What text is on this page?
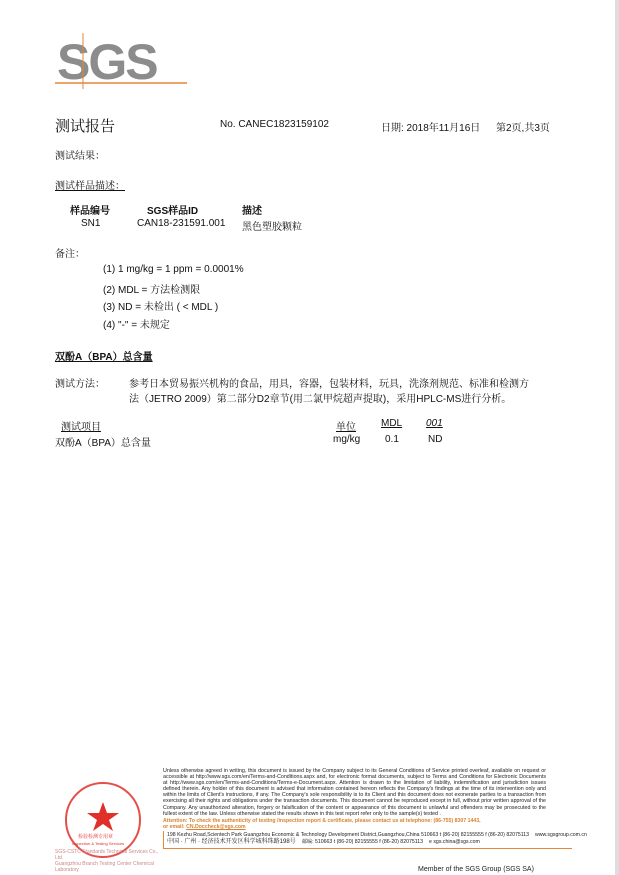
SGS
测试报告	No. CANEC1823159102	日期: 2018年11月16日 第2页,共3页
测试结果：
测试样品描述：
样品编号	SGS样品ID	描述
SN1	CAN18-231591.001 黑色塑胶颗粒
备注：
(1) 1 mg/kg = 1 ppm = 0.0001%
(2) MDL = 方法检测限
(3) ND = 未检出 ( < MDL )
(4) "-" = 未规定
双酚A（BPA）总含量
测试方法： 参考日本贸易振兴机构的食品，用具，容器，包装材料，玩具，洗涤剂规范、标准和检测方
法（JETRO 2009）第二部分D2章节(用二氯甲烷超声提取)，采用HPLC-MS进行分析。
测试项目	单位	MDL 001
双酚A（BPA）总含量	mg/kg 0.1	ND
检验检测专用章
Inspection & Testing Services
SGS-CSTC Standards Technical Services Co., Ltd.
Guangzhou Branch Testing Center Chemical Laboratory
Unless otherwise agreed in writing, this document is issued by the Company subject to its General Conditions of Service printed overleaf, available on request or accessible at http://www.sgs.com/en/Terms-and-Conditions.aspx and, for electronic format documents, subject to Terms and Conditions for Electronic Documents at http://www.sgs.com/en/Terms-and-Conditions/Terms-e-Document.aspx. Attention is drawn to the limitation of liability, indemnification and jurisdiction issues defined therein. Any holder of this document is advised that information contained hereon reflects the Company's findings at the time of its intervention only and within the limits of Client's instructions, if any. The Company's sole responsibility is to its Client and this document does not exonerate parties to a transaction from exercising all their rights and obligations under the transaction documents. This document cannot be reproduced except in full, without prior written approval of the Company. Any unauthorized alteration, forgery or falsification of the content or appearance of this document is unlawful and offenders may be prosecuted to the fullest extent of the law. Unless otherwise stated the results shown in this test report refer only to the sample(s) tested .
Attention: To check the authenticity of testing /inspection report & certificate, please contact us at telephone: (86-755) 8307 1443,
or email: CN.Doccheck@sgs.com
198 Kezhu Road,Scientech Park Guangzhou Economic & Technology Development District,Guangzhou,China 510663 t (86-20) 82155555 f (86-20) 82075113 www.sgsgroup.com.cn
中国 · 广州 · 经济技术开发区科学城科珠路198号 邮编: 510663 t (86-20) 82155555 f (86-20) 82075113 e sgs.china@sgs.com
Member of the SGS Group (SGS SA)
